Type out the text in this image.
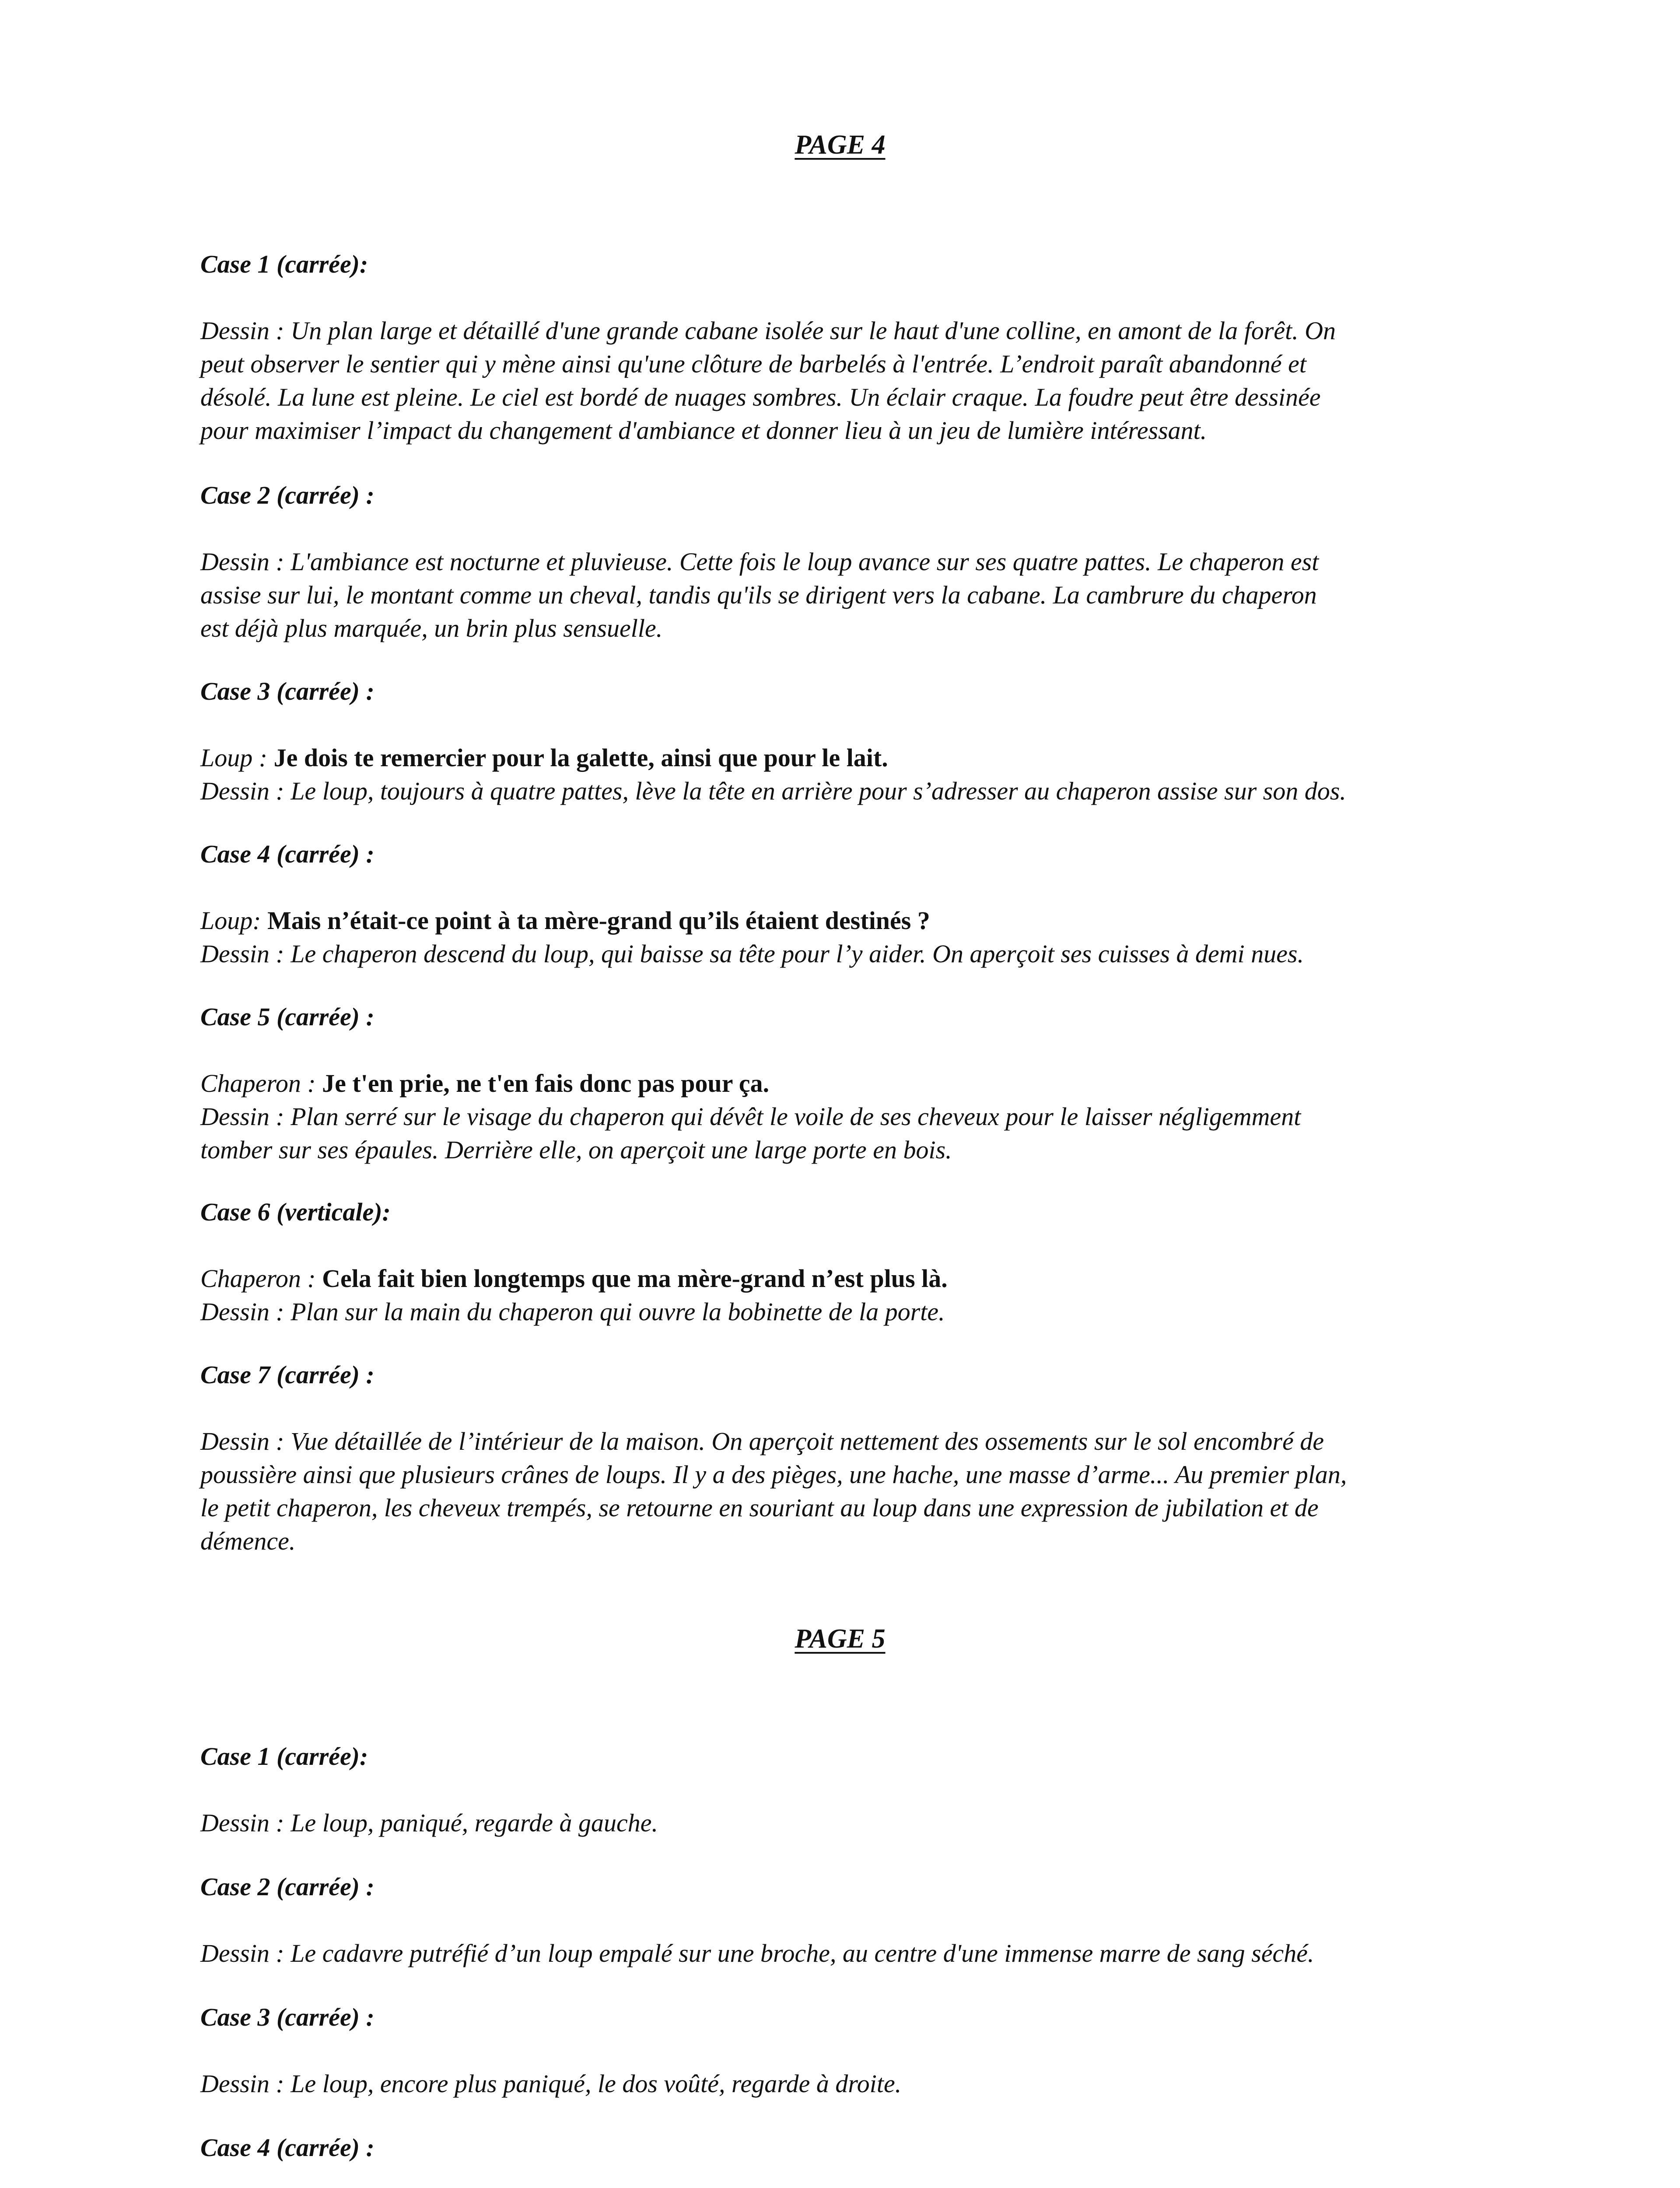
PAGE 4
Case 1 (carrée):
Dessin : Un plan large et détaillé d'une grande cabane isolée sur le haut d'une colline, en amont de la forêt. On
peut observer le sentier qui y mène ainsi qu'une clôture de barbelés à l'entrée. L’endroit paraît abandonné et
désolé. La lune est pleine. Le ciel est bordé de nuages sombres. Un éclair craque. La foudre peut être dessinée
pour maximiser l’impact du changement d'ambiance et donner lieu à un jeu de lumière intéressant.
Case 2 (carrée) :
Dessin : L'ambiance est nocturne et pluvieuse. Cette fois le loup avance sur ses quatre pattes. Le chaperon est
assise sur lui, le montant comme un cheval, tandis qu'ils se dirigent vers la cabane. La cambrure du chaperon
est déjà plus marquée, un brin plus sensuelle.
Case 3 (carrée) :
Loup : Je dois te remercier pour la galette, ainsi que pour le lait.
Dessin : Le loup, toujours à quatre pattes, lève la tête en arrière pour s’adresser au chaperon assise sur son dos.
Case 4 (carrée) :
Loup: Mais n’était-ce point à ta mère-grand qu’ils étaient destinés ?
Dessin : Le chaperon descend du loup, qui baisse sa tête pour l’y aider. On aperçoit ses cuisses à demi nues.
Case 5 (carrée) :
Chaperon : Je t'en prie, ne t'en fais donc pas pour ça.
Dessin : Plan serré sur le visage du chaperon qui dévêt le voile de ses cheveux pour le laisser négligemment
tomber sur ses épaules. Derrière elle, on aperçoit une large porte en bois.
Case 6 (verticale):
Chaperon : Cela fait bien longtemps que ma mère-grand n’est plus là.
Dessin : Plan sur la main du chaperon qui ouvre la bobinette de la porte.
Case 7 (carrée) :
Dessin : Vue détaillée de l’intérieur de la maison. On aperçoit nettement des ossements sur le sol encombré de
poussière ainsi que plusieurs crânes de loups. Il y a des pièges, une hache, une masse d’arme... Au premier plan,
le petit chaperon, les cheveux trempés, se retourne en souriant au loup dans une expression de jubilation et de
démence.
PAGE 5
Case 1 (carrée):
Dessin : Le loup, paniqué, regarde à gauche.
Case 2 (carrée) :
Dessin : Le cadavre putréfié d’un loup empalé sur une broche, au centre d'une immense marre de sang séché.
Case 3 (carrée) :
Dessin : Le loup, encore plus paniqué, le dos voûté, regarde à droite.
Case 4 (carrée) :
